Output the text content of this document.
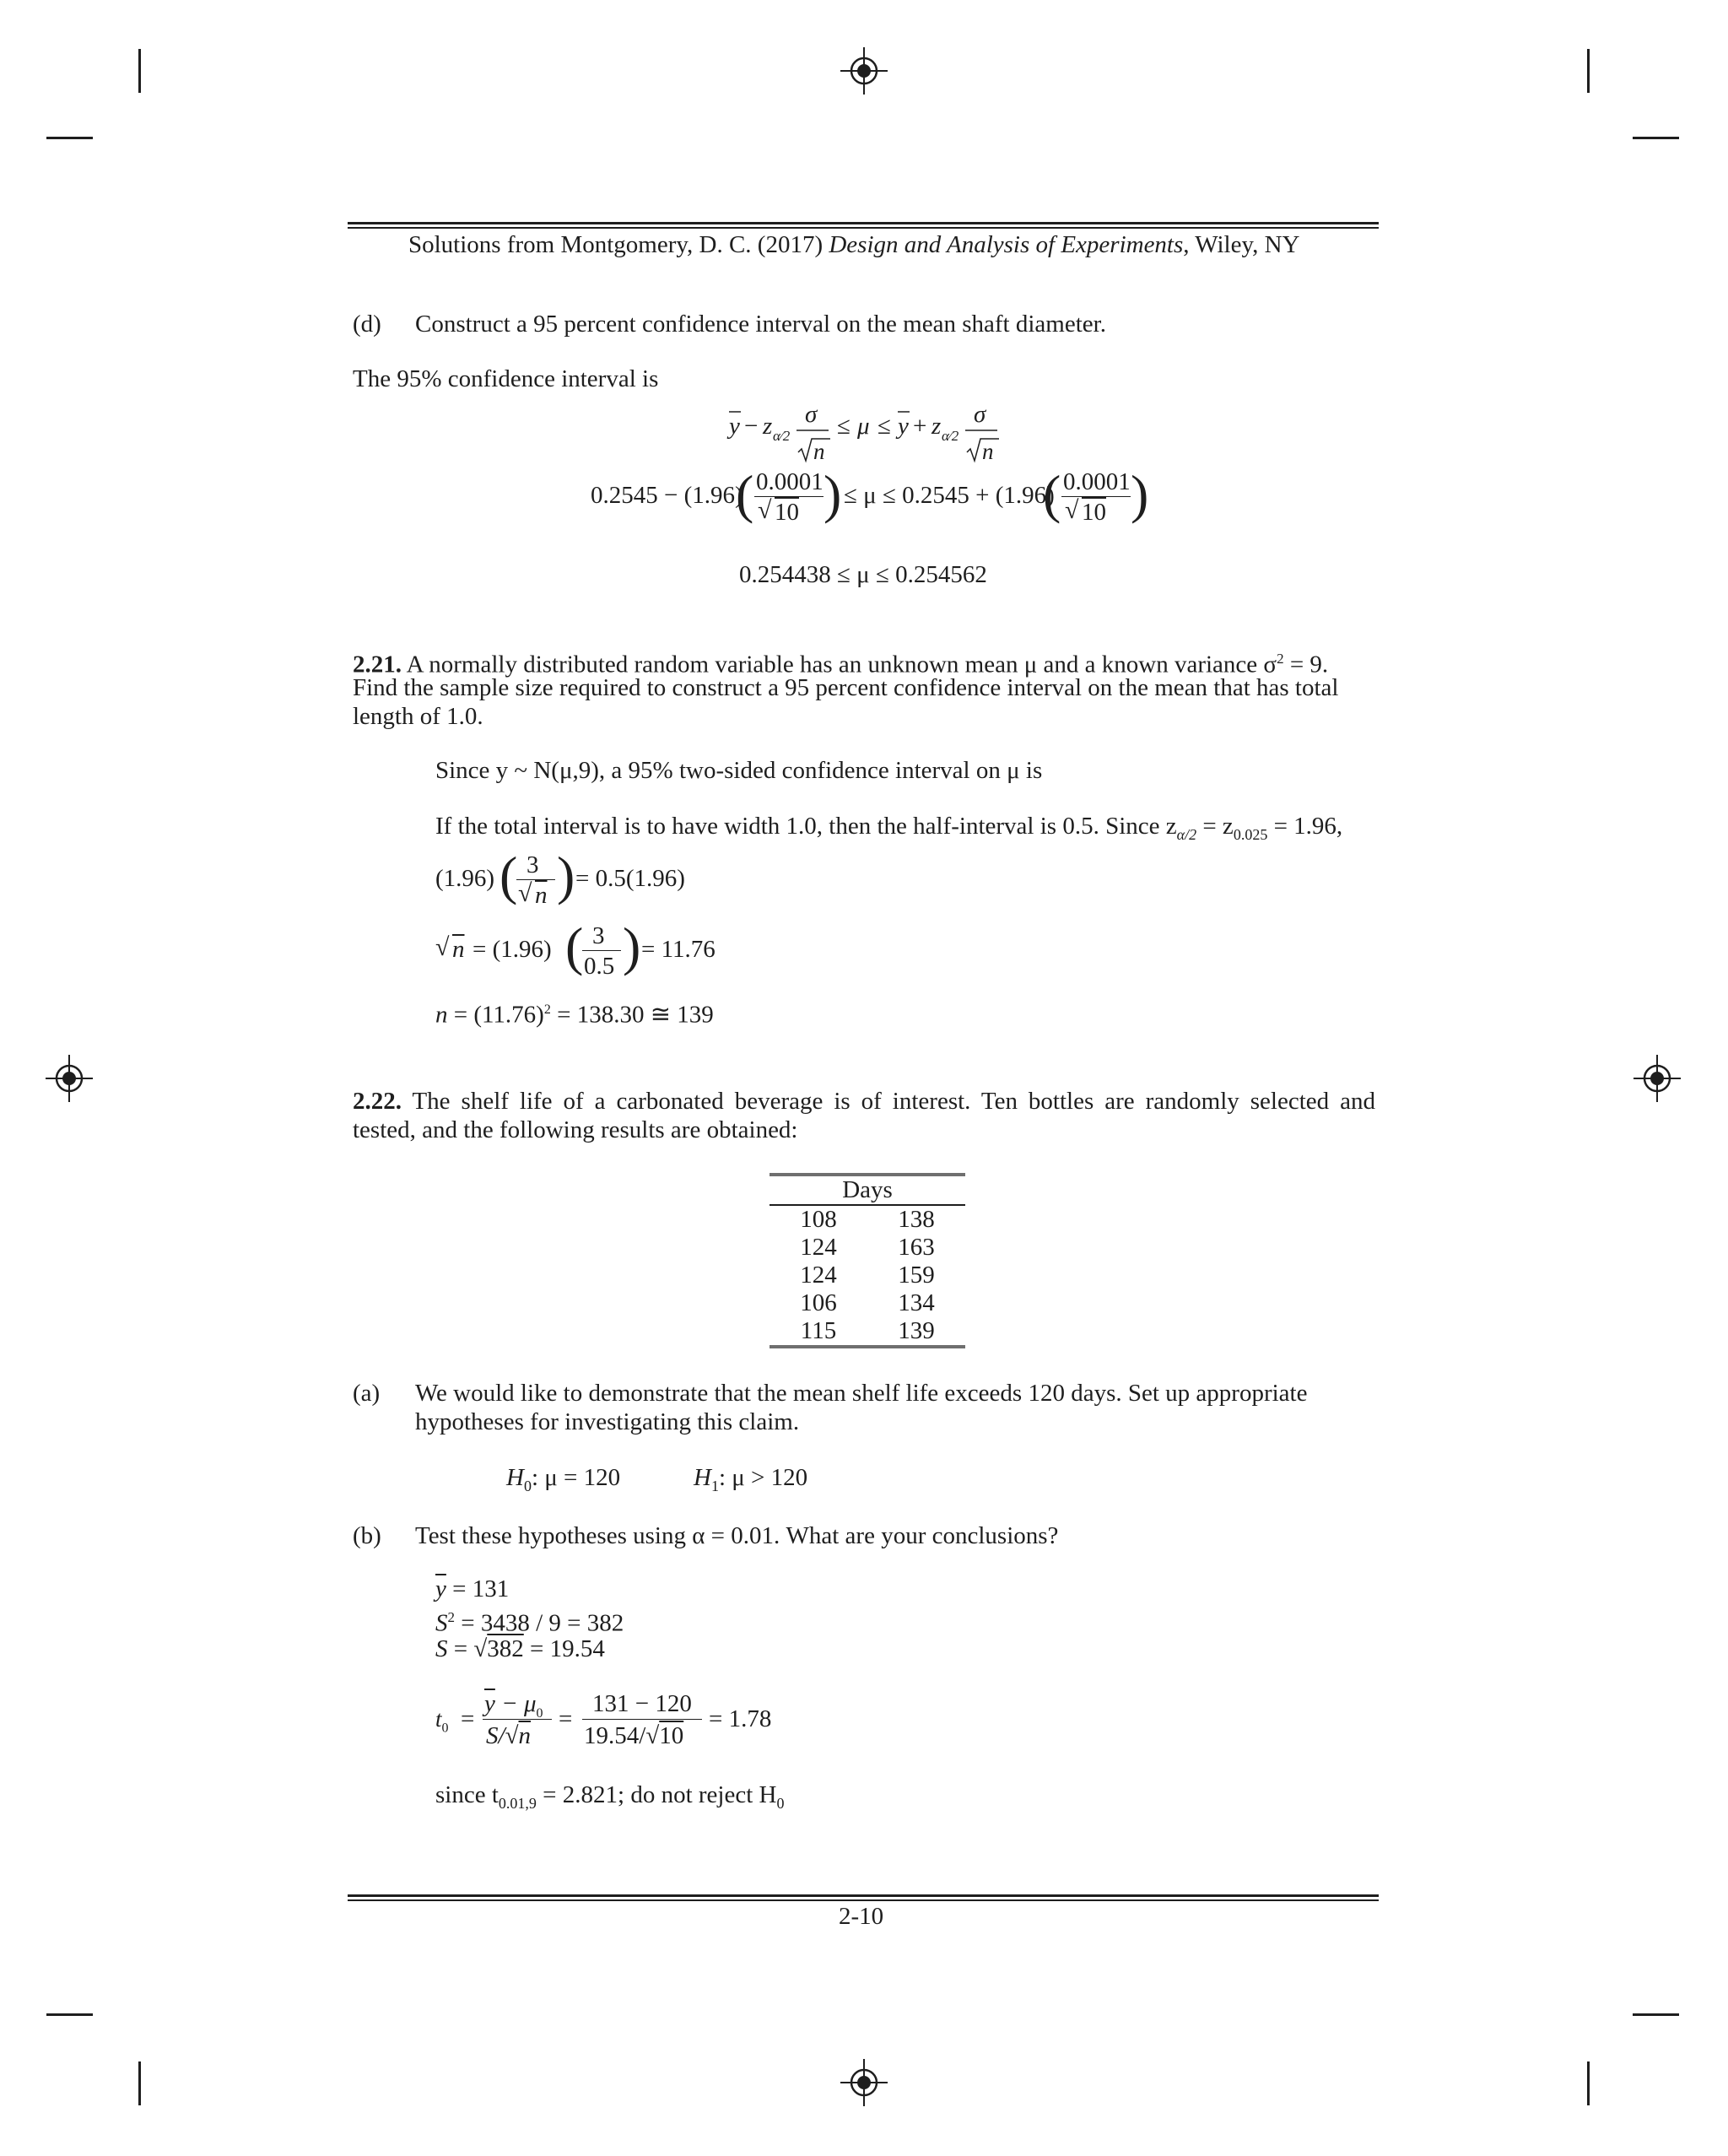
Solutions from Montgomery, D. C. (2017) Design and Analysis of Experiments, Wiley, NY
(d) Construct a 95 percent confidence interval on the mean shaft diameter.
The 95% confidence interval is
y − z α⁄2
σ
n
≤ μ ≤ y + z α⁄2
σ
n
0.2545 − (1.96)
( 0.0001
√ 10 ) ≤ μ ≤ 0.2545 + (1.96)
( 0.0001
√ 10 )
0.254438 ≤ μ ≤ 0.254562
2.21. A normally distributed random variable has an unknown mean μ and a known variance $\sigma^2 = 9$.
Find the sample size required to construct a 95 percent confidence interval on the mean that has total
length of 1.0.
Since y ~ N(μ,9), a 95% two-sided confidence interval on μ is
If the total interval is to have width 1.0, then the half-interval is 0.5. Since $z_{\alpha/2} = z_{0.025} = 1.96$,
(1.96) ( 3
√ n ) = 0.5(1.96)
√ n = (1.96) ( 3
0.5 ) = 11.76
$n = (11.76)^2 = 138.30$ ≅ 139
2.22. The shelf life of a carbonated beverage is of interest. Ten bottles are randomly selected and
tested, and the following results are obtained:
Days	
108	138
124	163
124	159
106	134
115	139
(a) We would like to demonstrate that the mean shelf life exceeds 120 days. Set up appropriate
hypotheses for investigating this claim.
$H_0$: μ = 120	$H_1$: μ > 120
(b) Test these hypotheses using α = 0.01. What are your conclusions?
$\overline{y} = 131$
$S^2 = 3438 / 9 = 382$
S = √382 = 19.54
$t_0$ =
$\overline{y} - \mu_0$
S/√n
=
131 − 120
19.54/√10
= 1.78
since $t_{0.01,9} = 2.821$; do not reject $H_0$
2-10
